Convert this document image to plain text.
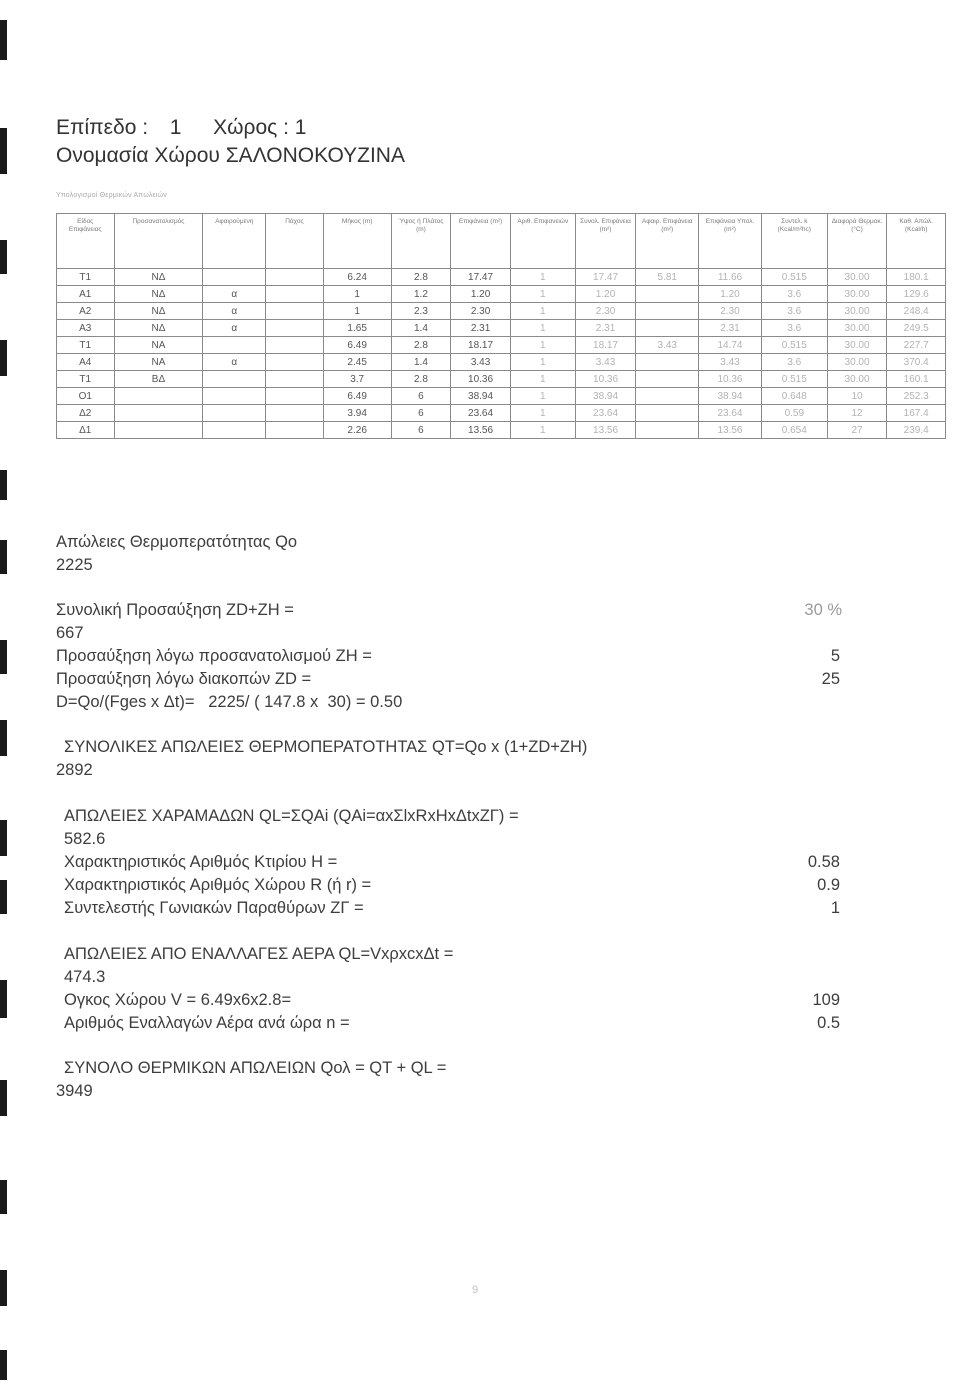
Επίπεδο : 1 Χώρος : 1
Ονομασία Χώρου ΣΑΛΟΝΟΚΟΥΖΙΝΑ
Υπολογισμοί Θερμικών Απωλειών
Είδος Επιφάνειας	Προσανατολισμός	Αφαιρούμενη	Πάχος	Μήκος (m)	Ύψος ή Πλάτος (m)	Επιφάνεια (m²)	Αριθ. Επιφανειών	Συνολ. Επιφάνεια (m²)	Αφαιρ. Επιφάνεια (m²)	Επιφάνεια Υπολ. (m²)	Συντελ. k (Kcal/m²hc)	Διαφορά Θερμοκ. (°C)	Καθ. Απώλ. (Kcal/h)
T1	ΝΔ			6.24	2.8	17.47	1	17.47	5.81	11.66	0.515	30.00	180.1
A1	ΝΔ	α		1	1.2	1.20	1	1.20		1.20	3.6	30.00	129.6
A2	ΝΔ	α		1	2.3	2.30	1	2.30		2.30	3.6	30.00	248.4
A3	ΝΔ	α		1.65	1.4	2.31	1	2.31		2.31	3.6	30.00	249.5
T1	ΝΑ			6.49	2.8	18.17	1	18.17	3.43	14.74	0.515	30.00	227.7
A4	ΝΑ	α		2.45	1.4	3.43	1	3.43		3.43	3.6	30.00	370.4
T1	ΒΔ			3.7	2.8	10.36	1	10.36		10.36	0.515	30.00	160.1
O1				6.49	6	38.94	1	38.94		38.94	0.648	10	252.3
Δ2				3.94	6	23.64	1	23.64		23.64	0.59	12	167.4
Δ1				2.26	6	13.56	1	13.56		13.56	0.654	27	239.4
Απώλειες Θερμοπερατότητας Qo
2225
Συνολική Προσαύξηση ZD+ZH =	30 %
667
Προσαύξηση λόγω προσανατολισμού ZH =	5
Προσαύξηση λόγω διακοπών ZD =	25
D=Qo/(Fges x Δt)=   2225/ ( 147.8 x  30) = 0.50
ΣΥΝΟΛΙΚΕΣ ΑΠΩΛΕΙΕΣ ΘΕΡΜΟΠΕΡΑΤΟΤΗΤΑΣ QT=Qo x (1+ZD+ZH)
2892
ΑΠΩΛΕΙΕΣ ΧΑΡΑΜΑΔΩΝ QL=ΣQAi (QAi=αxΣlxRxHxΔtxZΓ) =
582.6
Χαρακτηριστικός Αριθμός Κτιρίου H =	0.58
Χαρακτηριστικός Αριθμός Χώρου R (ή r) =	0.9
Συντελεστής Γωνιακών Παραθύρων ZΓ =	1
ΑΠΩΛΕΙΕΣ ΑΠΟ ΕΝΑΛΛΑΓΕΣ ΑΕΡΑ QL=VxρxcxΔt =
474.3
Ογκος Χώρου V = 6.49x6x2.8=	109
Αριθμός Εναλλαγών Αέρα ανά ώρα n =	0.5
ΣΥΝΟΛΟ ΘΕΡΜΙΚΩΝ ΑΠΩΛΕΙΩΝ Qολ = QT + QL =
3949
9
